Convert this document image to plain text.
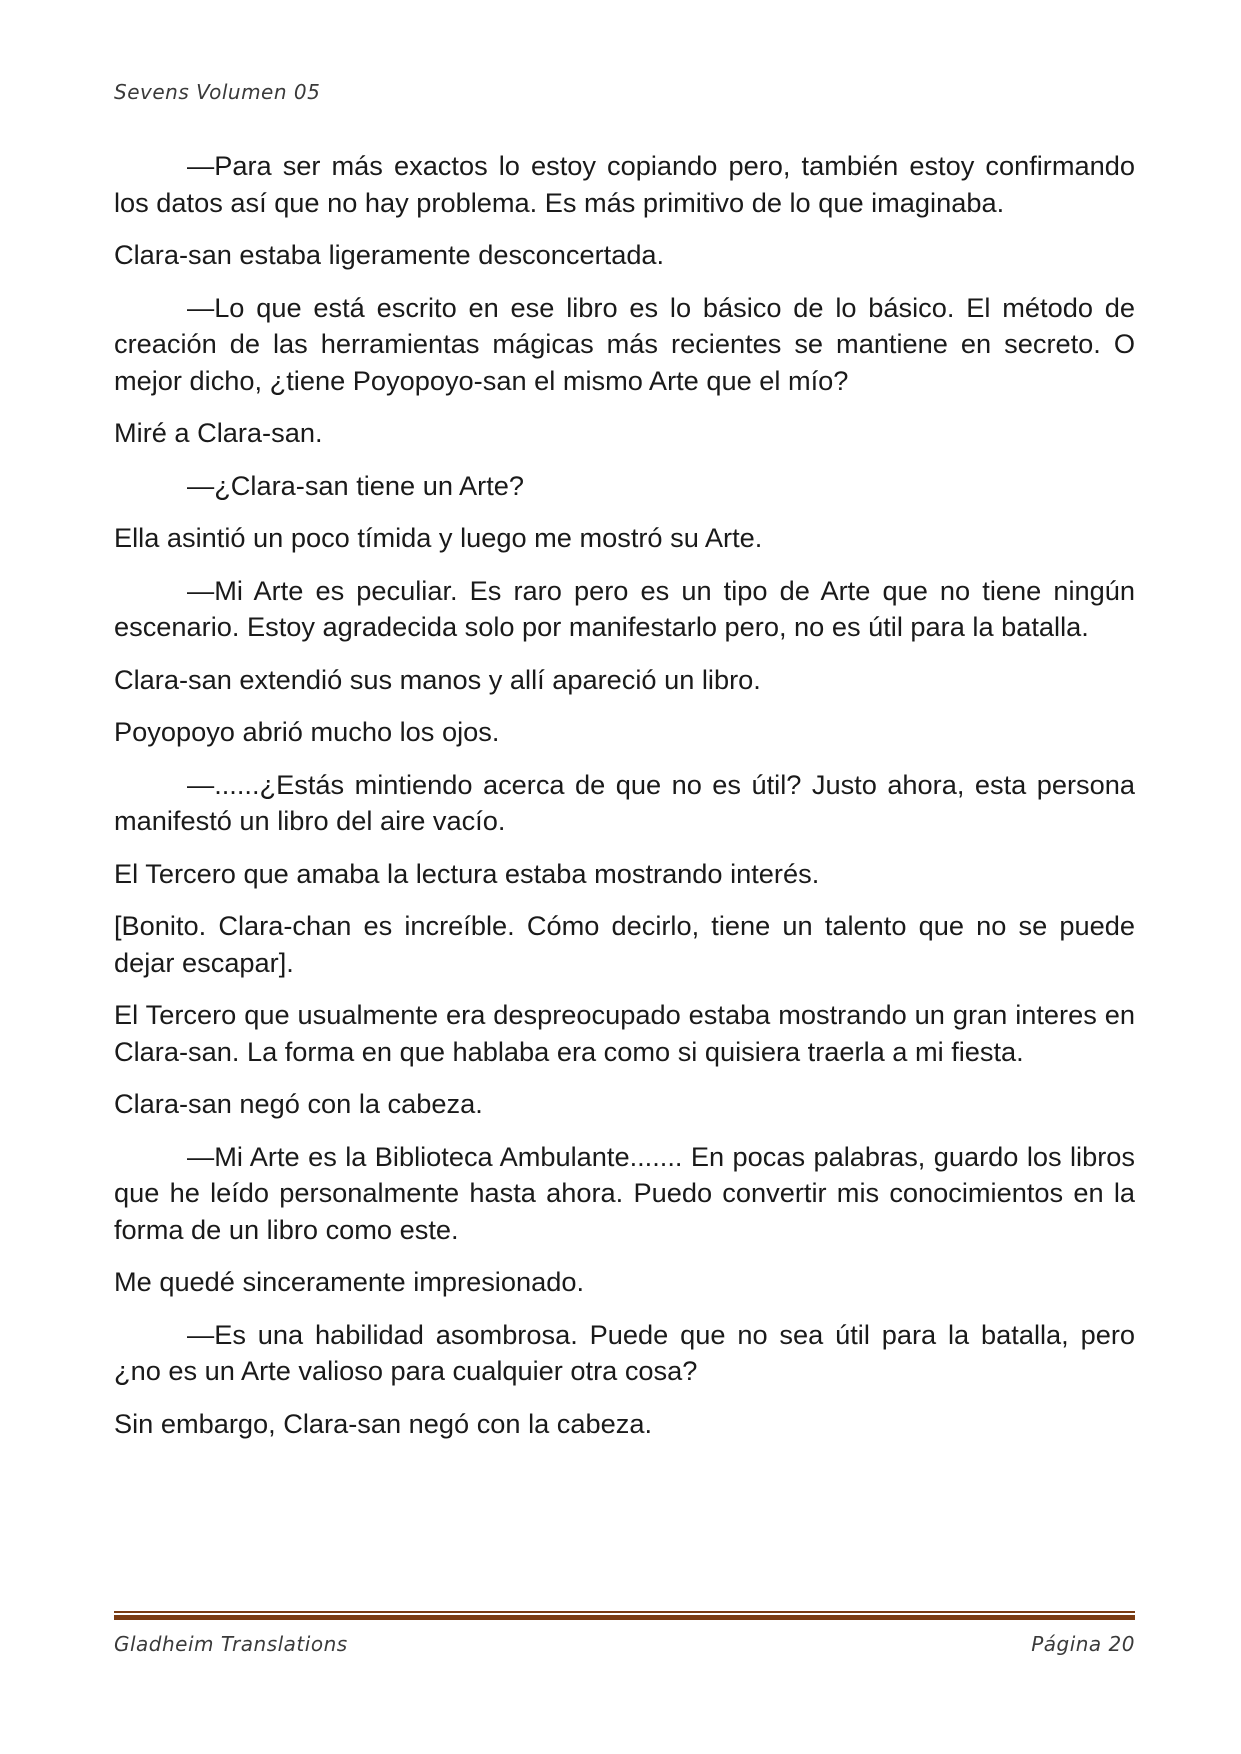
Sevens Volumen 05

—Para ser más exactos lo estoy copiando pero, también estoy confirmando los datos así que no hay problema. Es más primitivo de lo que imaginaba.

Clara-san estaba ligeramente desconcertada.

—Lo que está escrito en ese libro es lo básico de lo básico. El método de creación de las herramientas mágicas más recientes se mantiene en secreto. O mejor dicho, ¿tiene Poyopoyo-san el mismo Arte que el mío?

Miré a Clara-san.

—¿Clara-san tiene un Arte?

Ella asintió un poco tímida y luego me mostró su Arte.

—Mi Arte es peculiar. Es raro pero es un tipo de Arte que no tiene ningún escenario. Estoy agradecida solo por manifestarlo pero, no es útil para la batalla.

Clara-san extendió sus manos y allí apareció un libro.

Poyopoyo abrió mucho los ojos.

—......¿Estás mintiendo acerca de que no es útil? Justo ahora, esta persona manifestó un libro del aire vacío.

El Tercero que amaba la lectura estaba mostrando interés.

[Bonito. Clara-chan es increíble. Cómo decirlo, tiene un talento que no se puede dejar escapar].

El Tercero que usualmente era despreocupado estaba mostrando un gran interes en Clara-san. La forma en que hablaba era como si quisiera traerla a mi fiesta.

Clara-san negó con la cabeza.

—Mi Arte es la Biblioteca Ambulante....... En pocas palabras, guardo los libros que he leído personalmente hasta ahora. Puedo convertir mis conocimientos en la forma de un libro como este.

Me quedé sinceramente impresionado.

—Es una habilidad asombrosa. Puede que no sea útil para la batalla, pero ¿no es un Arte valioso para cualquier otra cosa?

Sin embargo, Clara-san negó con la cabeza.

Gladheim Translations	Página 20
